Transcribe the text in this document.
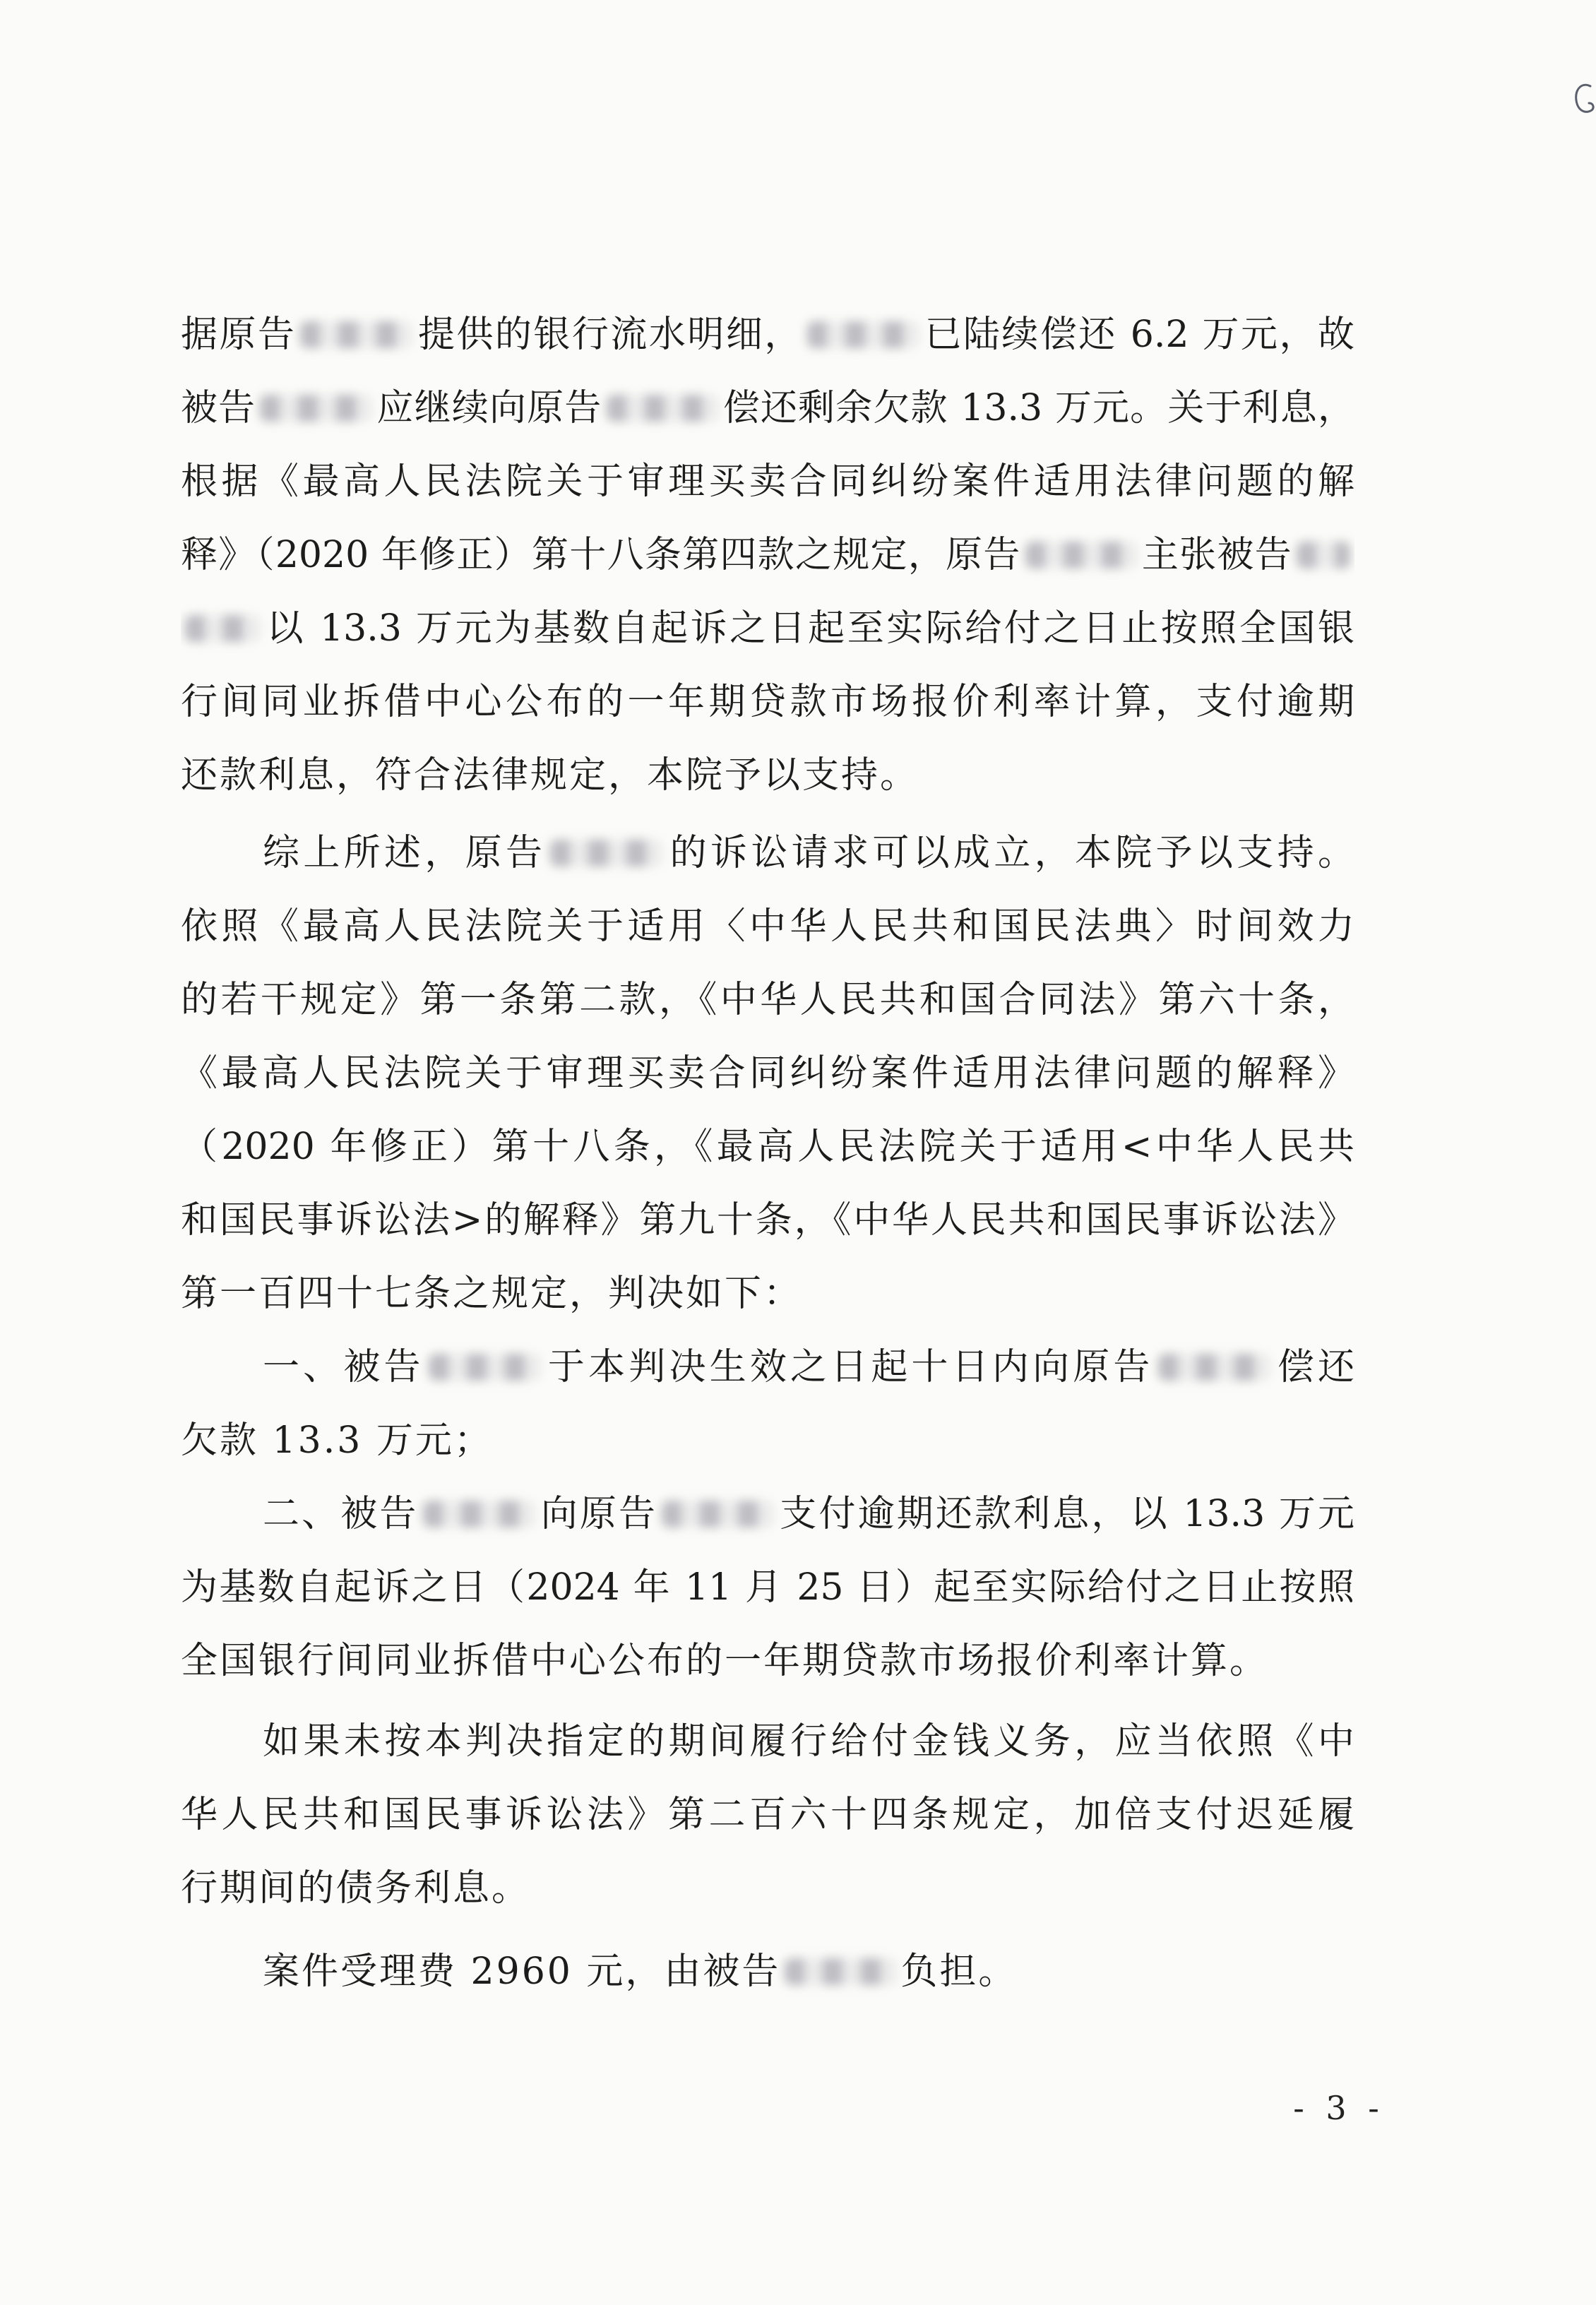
据原告	提供的银行流水明细，	已陆续偿还 6.2 万元，故
被告	应继续向原告	偿还剩余欠款 13.3 万元。关于利息，
根据《最高人民法院关于审理买卖合同纠纷案件适用法律问题的解
释》（2020 年修正）第十八条第四款之规定，原告	主张被告
以 13.3 万元为基数自起诉之日起至实际给付之日止按照全国银
行间同业拆借中心公布的一年期贷款市场报价利率计算，支付逾期
还款利息，符合法律规定，本院予以支持。
综上所述，原告	的诉讼请求可以成立，本院予以支持。
依照《最高人民法院关于适用〈中华人民共和国民法典〉时间效力
的若干规定》第一条第二款，《中华人民共和国合同法》第六十条，
《最高人民法院关于审理买卖合同纠纷案件适用法律问题的解释》
（2020 年修正）第十八条，《最高人民法院关于适用<中华人民共
和国民事诉讼法>的解释》第九十条，《中华人民共和国民事诉讼法》
第一百四十七条之规定，判决如下：
一、被告	于本判决生效之日起十日内向原告	偿还
欠款 13.3 万元；
二、被告	向原告	支付逾期还款利息，以 13.3 万元
为基数自起诉之日（2024 年 11 月 25 日）起至实际给付之日止按照
全国银行间同业拆借中心公布的一年期贷款市场报价利率计算。
如果未按本判决指定的期间履行给付金钱义务，应当依照《中
华人民共和国民事诉讼法》第二百六十四条规定，加倍支付迟延履
行期间的债务利息。
案件受理费 2960 元，由被告	负担。
- 3 -
